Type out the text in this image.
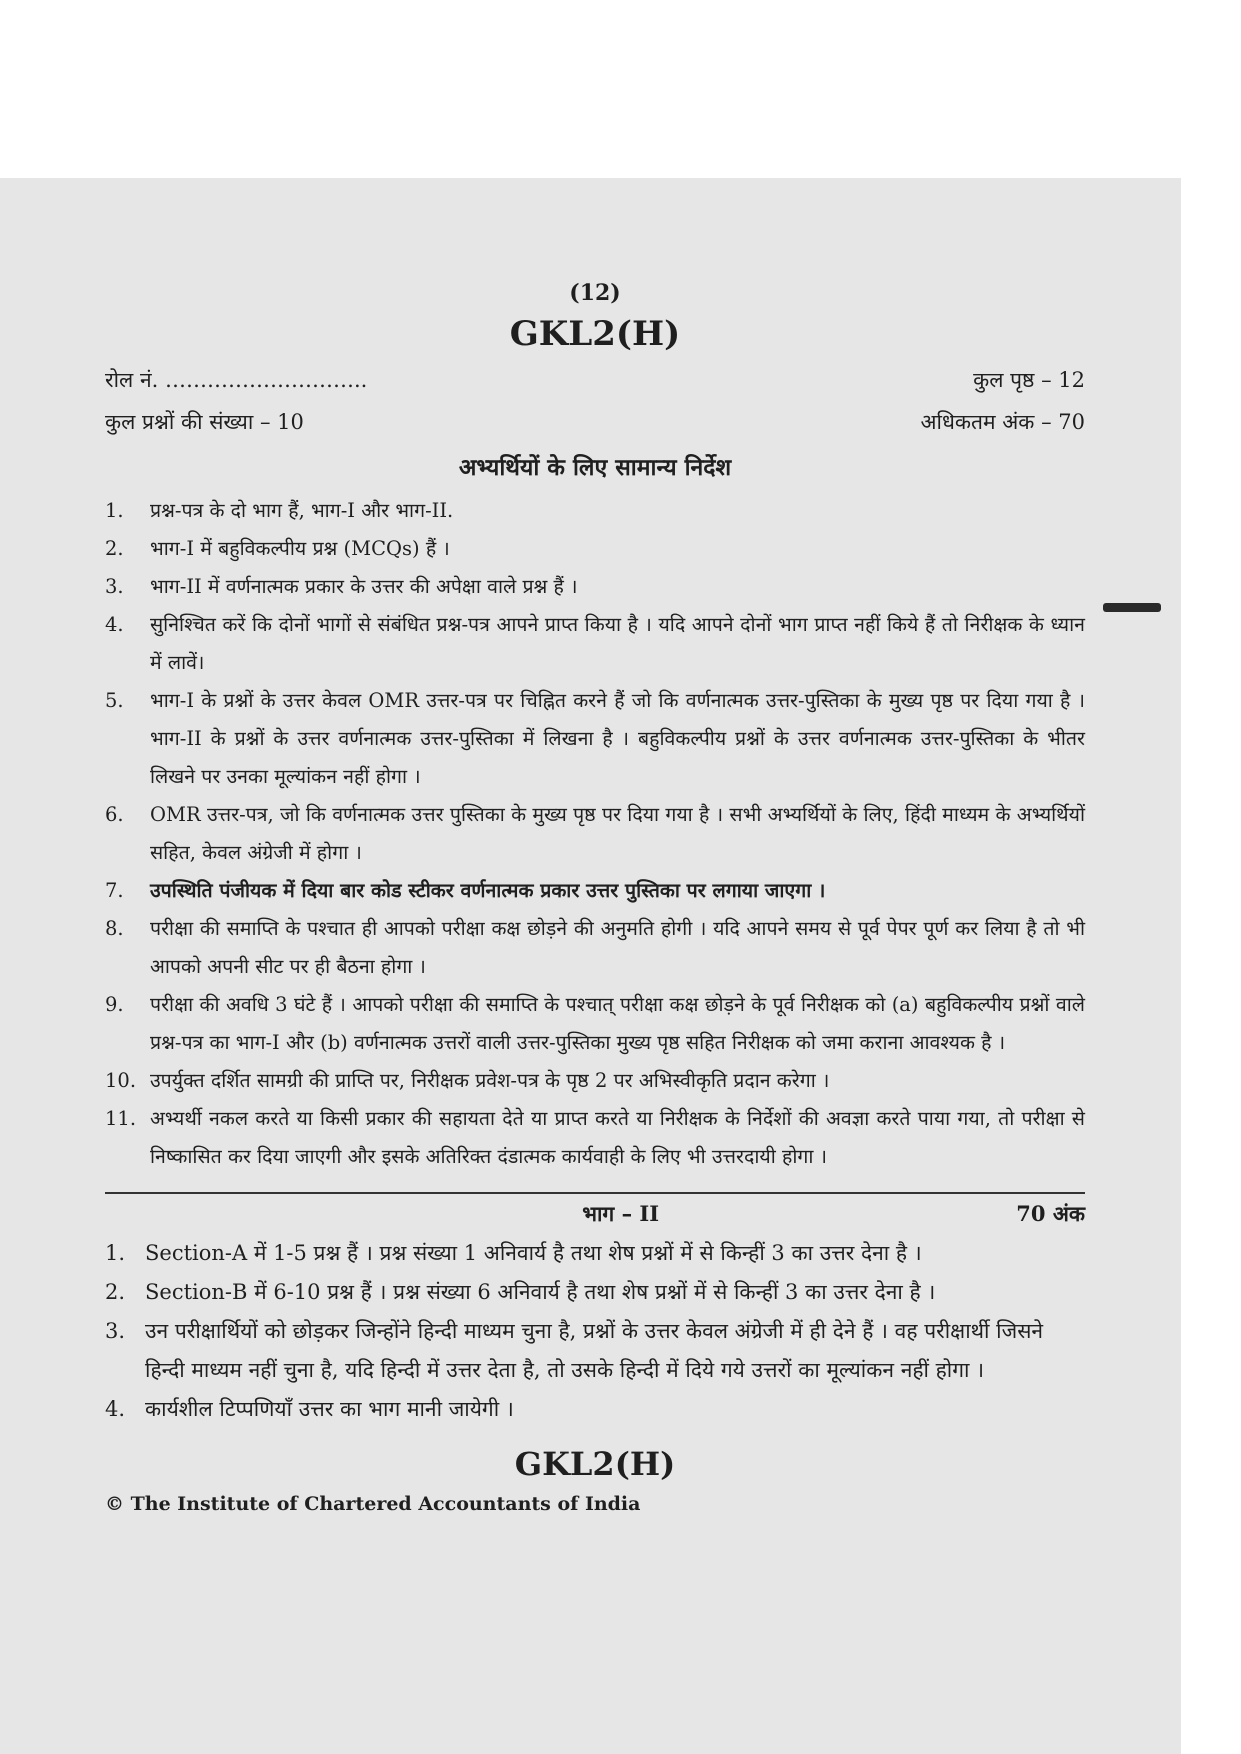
(12)
GKL2(H)
रोल नं. ………………………..	कुल पृष्ठ – 12
कुल प्रश्नों की संख्या – 10	अधिकतम अंक – 70
अभ्यर्थियों के लिए सामान्य निर्देश
1.	प्रश्न-पत्र के दो भाग हैं, भाग-I और भाग-II.
2.	भाग-I में बहुविकल्पीय प्रश्न (MCQs) हैं ।
3.	भाग-II में वर्णनात्मक प्रकार के उत्तर की अपेक्षा वाले प्रश्न हैं ।
4.	सुनिश्चित करें कि दोनों भागों से संबंधित प्रश्न-पत्र आपने प्राप्त किया है । यदि आपने दोनों भाग प्राप्त नहीं किये हैं तो निरीक्षक के ध्यान में लावें।
5.	भाग-I के प्रश्नों के उत्तर केवल OMR उत्तर-पत्र पर चिह्नित करने हैं जो कि वर्णनात्मक उत्तर-पुस्तिका के मुख्य पृष्ठ पर दिया गया है । भाग-II के प्रश्नों के उत्तर वर्णनात्मक उत्तर-पुस्तिका में लिखना है । बहुविकल्पीय प्रश्नों के उत्तर वर्णनात्मक उत्तर-पुस्तिका के भीतर लिखने पर उनका मूल्यांकन नहीं होगा ।
6.	OMR उत्तर-पत्र, जो कि वर्णनात्मक उत्तर पुस्तिका के मुख्य पृष्ठ पर दिया गया है । सभी अभ्यर्थियों के लिए, हिंदी माध्यम के अभ्यर्थियों सहित, केवल अंग्रेजी में होगा ।
7.	उपस्थिति पंजीयक में दिया बार कोड स्टीकर वर्णनात्मक प्रकार उत्तर पुस्तिका पर लगाया जाएगा ।
8.	परीक्षा की समाप्ति के पश्चात ही आपको परीक्षा कक्ष छोड़ने की अनुमति होगी । यदि आपने समय से पूर्व पेपर पूर्ण कर लिया है तो भी आपको अपनी सीट पर ही बैठना होगा ।
9.	परीक्षा की अवधि 3 घंटे हैं । आपको परीक्षा की समाप्ति के पश्चात् परीक्षा कक्ष छोड़ने के पूर्व निरीक्षक को (a) बहुविकल्पीय प्रश्नों वाले प्रश्न-पत्र का भाग-I और (b) वर्णनात्मक उत्तरों वाली उत्तर-पुस्तिका मुख्य पृष्ठ सहित निरीक्षक को जमा कराना आवश्यक है ।
10. उपर्युक्त दर्शित सामग्री की प्राप्ति पर, निरीक्षक प्रवेश-पत्र के पृष्ठ 2 पर अभिस्वीकृति प्रदान करेगा ।
11. अभ्यर्थी नकल करते या किसी प्रकार की सहायता देते या प्राप्त करते या निरीक्षक के निर्देशों की अवज्ञा करते पाया गया, तो परीक्षा से निष्कासित कर दिया जाएगी और इसके अतिरिक्त दंडात्मक कार्यवाही के लिए भी उत्तरदायी होगा ।
भाग – II	70 अंक
1. Section-A में 1-5 प्रश्न हैं । प्रश्न संख्या 1 अनिवार्य है तथा शेष प्रश्नों में से किन्हीं 3 का उत्तर देना है ।
2. Section-B में 6-10 प्रश्न हैं । प्रश्न संख्या 6 अनिवार्य है तथा शेष प्रश्नों में से किन्हीं 3 का उत्तर देना है ।
3. उन परीक्षार्थियों को छोड़कर जिन्होंने हिन्दी माध्यम चुना है, प्रश्नों के उत्तर केवल अंग्रेजी में ही देने हैं । वह परीक्षार्थी जिसने हिन्दी माध्यम नहीं चुना है, यदि हिन्दी में उत्तर देता है, तो उसके हिन्दी में दिये गये उत्तरों का मूल्यांकन नहीं होगा ।
4. कार्यशील टिप्पणियाँ उत्तर का भाग मानी जायेगी ।
GKL2(H)
© The Institute of Chartered Accountants of India
